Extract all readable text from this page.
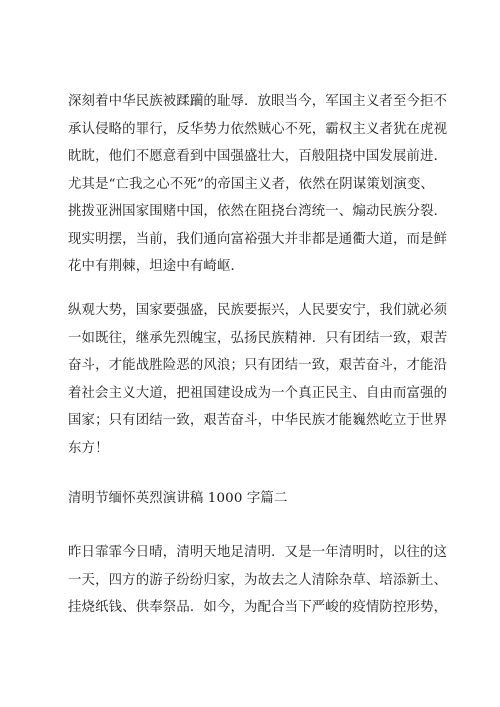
深刻着中华民族被蹂躏的耻辱．放眼当今，军国主义者至今拒不
承认侵略的罪行，反华势力依然贼心不死，霸权主义者犹在虎视
眈眈，他们不愿意看到中国强盛壮大，百般阻挠中国发展前进．
尤其是“亡我之心不死”的帝国主义者，依然在阴谋策划演变、
挑拨亚洲国家围赌中国，依然在阻挠台湾统一、煽动民族分裂．
现实明摆，当前，我们通向富裕强大并非都是通衢大道，而是鲜
花中有荆棘，坦途中有崎岖．
纵观大势，国家要强盛，民族要振兴，人民要安宁，我们就必须
一如既往，继承先烈魄宝，弘扬民族精神．只有团结一致，艰苦
奋斗，才能战胜险恶的风浪；只有团结一致，艰苦奋斗，才能沿
着社会主义大道，把祖国建设成为一个真正民主、自由而富强的
国家；只有团结一致，艰苦奋斗，中华民族才能巍然屹立于世界
东方！
清明节缅怀英烈演讲稿 1000 字篇二
昨日霏霏今日晴，清明天地足清明．又是一年清明时，以往的这
一天，四方的游子纷纷归家，为故去之人清除杂草、培添新土、
挂烧纸钱、供奉祭品．如今，为配合当下严峻的疫情防控形势，
